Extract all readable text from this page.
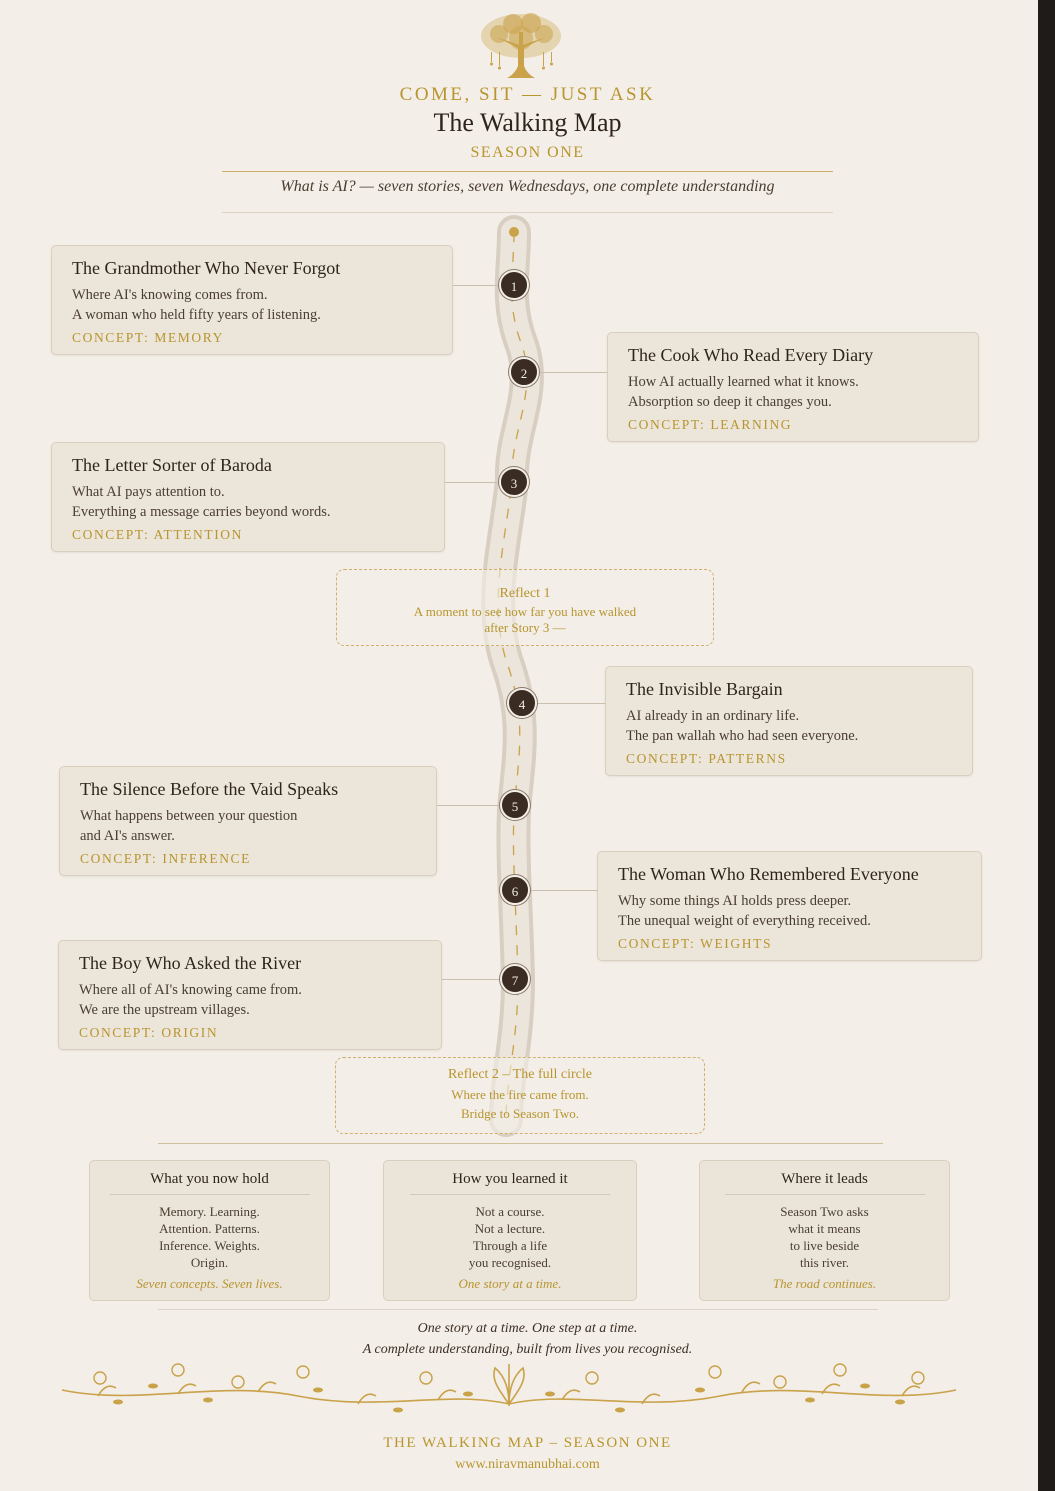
COME, SIT — JUST ASK
The Walking Map
SEASON ONE
What is AI? — seven stories, seven Wednesdays, one complete understanding
The Grandmother Who Never Forgot
Where AI's knowing comes from.
A woman who held fifty years of listening.
CONCEPT: MEMORY
The Cook Who Read Every Diary
How AI actually learned what it knows.
Absorption so deep it changes you.
CONCEPT: LEARNING
The Letter Sorter of Baroda
What AI pays attention to.
Everything a message carries beyond words.
CONCEPT: ATTENTION
The Invisible Bargain
AI already in an ordinary life.
The pan wallah who had seen everyone.
CONCEPT: PATTERNS
The Silence Before the Vaid Speaks
What happens between your question
and AI's answer.
CONCEPT: INFERENCE
The Woman Who Remembered Everyone
Why some things AI holds press deeper.
The unequal weight of everything received.
CONCEPT: WEIGHTS
The Boy Who Asked the River
Where all of AI's knowing came from.
We are the upstream villages.
CONCEPT: ORIGIN
1
2
3
4
5
6
7
Reflect 1
A moment to see how far you have walked
after Story 3 —
Reflect 2 – The full circle
Where the fire came from.
Bridge to Season Two.
What you now hold
Memory. Learning.
Attention. Patterns.
Inference. Weights.
Origin.
Seven concepts. Seven lives.
How you learned it
Not a course.
Not a lecture.
Through a life
you recognised.
One story at a time.
Where it leads
Season Two asks
what it means
to live beside
this river.
The road continues.
One story at a time. One step at a time.
A complete understanding, built from lives you recognised.
THE WALKING MAP – SEASON ONE
www.niravmanubhai.com
